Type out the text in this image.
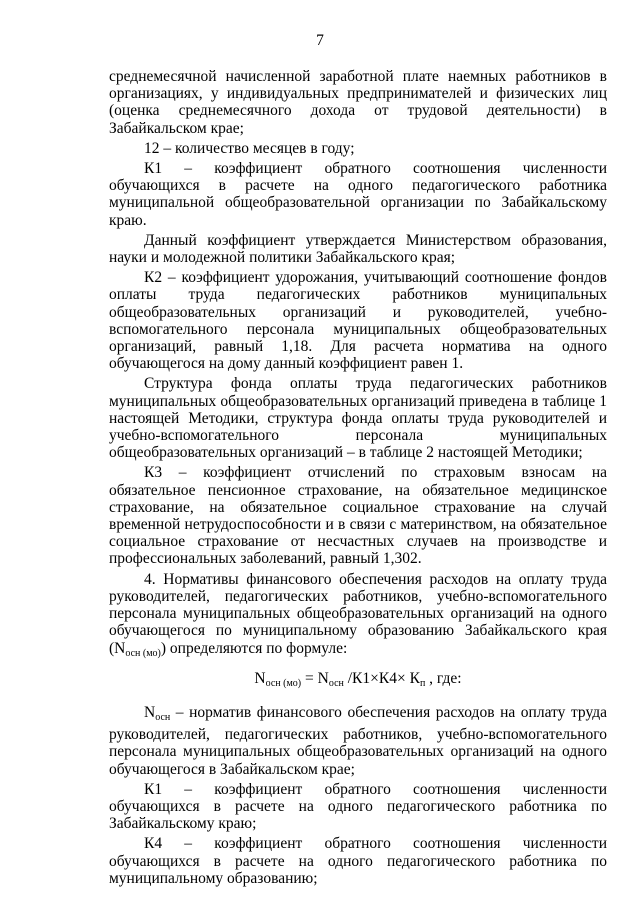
7

среднемесячной начисленной заработной плате наемных работников в организациях, у индивидуальных предпринимателей и физических лиц (оценка среднемесячного дохода от трудовой деятельности) в Забайкальском крае;

12 – количество месяцев в году;

К1 – коэффициент обратного соотношения численности обучающихся в расчете на одного педагогического работника муниципальной общеобразовательной организации по Забайкальскому краю.

Данный коэффициент утверждается Министерством образования, науки и молодежной политики Забайкальского края;

К2 – коэффициент удорожания, учитывающий соотношение фондов оплаты труда педагогических работников муниципальных общеобразовательных организаций и руководителей, учебно-вспомогательного персонала муниципальных общеобразовательных организаций, равный 1,18. Для расчета норматива на одного обучающегося на дому данный коэффициент равен 1.

Структура фонда оплаты труда педагогических работников муниципальных общеобразовательных организаций приведена в таблице 1 настоящей Методики, структура фонда оплаты труда руководителей и учебно-вспомогательного персонала муниципальных общеобразовательных организаций – в таблице 2 настоящей Методики;

К3 – коэффициент отчислений по страховым взносам на обязательное пенсионное страхование, на обязательное медицинское страхование, на обязательное социальное страхование на случай временной нетрудоспособности и в связи с материнством, на обязательное социальное страхование от несчастных случаев на производстве и профессиональных заболеваний, равный 1,302.

4. Нормативы финансового обеспечения расходов на оплату труда руководителей, педагогических работников, учебно-вспомогательного персонала муниципальных общеобразовательных организаций на одного обучающегося по муниципальному образованию Забайкальского края $(N_{осн (мо)})$ определяются по формуле:

$N_{осн (мо)} = N_{осн}$ $/К1\times К4\times К_п$ , где:

$N_{осн}$ – норматив финансового обеспечения расходов на оплату труда руководителей, педагогических работников, учебно-вспомогательного персонала муниципальных общеобразовательных организаций на одного обучающегося в Забайкальском крае;

К1 – коэффициент обратного соотношения численности обучающихся в расчете на одного педагогического работника по Забайкальскому краю;

К4 – коэффициент обратного соотношения численности обучающихся в расчете на одного педагогического работника по муниципальному образованию;
